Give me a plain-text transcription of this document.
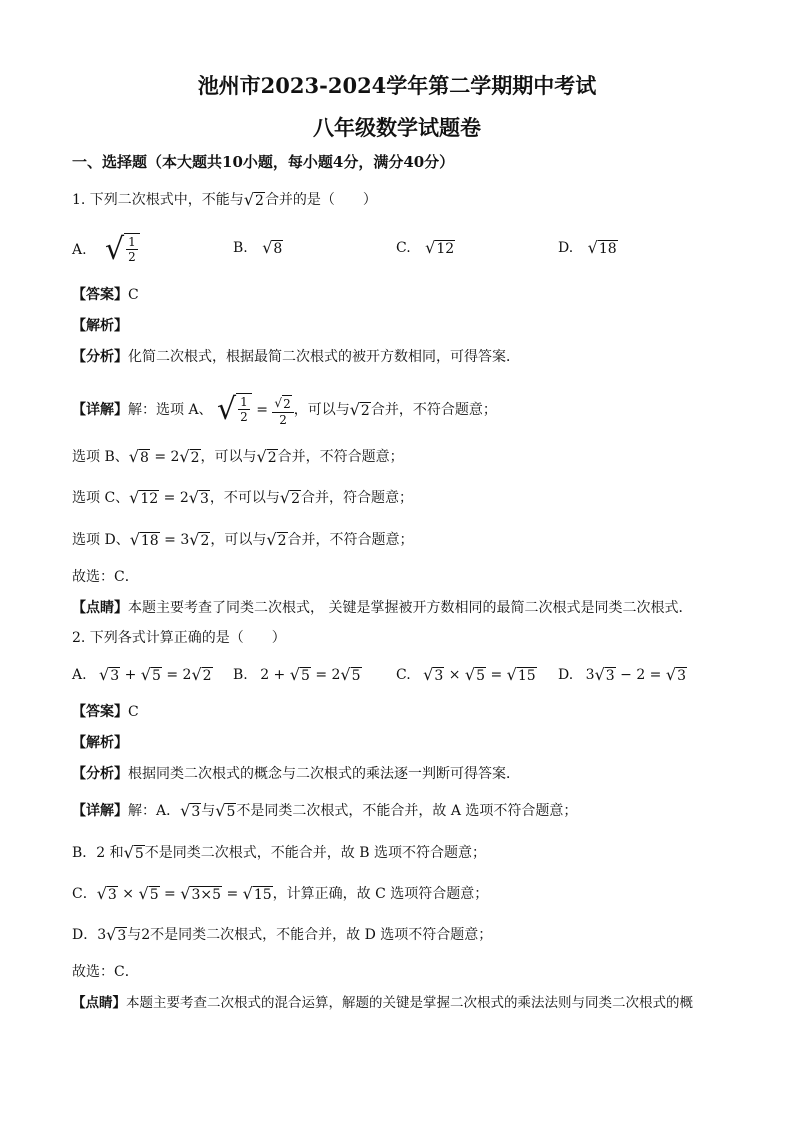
池州市2023-2024学年第二学期期中考试
八年级数学试题卷
一、选择题（本大题共10小题，每小题4分，满分40分）
1. 下列二次根式中，不能与 √ 2 合并的是（　　）
A. √ $\frac{1}{2}$	B. √ 8	C. √ 12	D. √ 18
【答案】C
【解析】
【分析】化简二次根式，根据最简二次根式的被开方数相同，可得答案．
【详解】解：选项 A、 √ $\frac{1}{2} = \frac{√ 2}{2}$ ，可以与 √ 2 合并，不符合题意；
选项 B、 √ 8 = 2 √ 2 ，可以与 √ 2 合并，不符合题意；
选项 C、 √ 12 = 2 √ 3 ，不可以与 √ 2 合并，符合题意；
选项 D、 √ 18 = 3 √ 2 ，可以与 √ 2 合并，不符合题意；
故选：C．
【点睛】本题主要考查了同类二次根式， 关键是掌握被开方数相同的最简二次根式是同类二次根式．
2. 下列各式计算正确的是（　　）
A. √ 3 + √ 5 = 2 √ 2 B. 2 + √ 5 = 2 √ 5	C. √ 3 × √ 5 = √ 15 D. 3 √ 3 − 2 = √ 3
【答案】C
【解析】
【分析】根据同类二次根式的概念与二次根式的乘法逐一判断可得答案．
【详解】解：A． √ 3 与 √ 5 不是同类二次根式，不能合并，故 A 选项不符合题意；
B．2 和 √ 5 不是同类二次根式，不能合并，故 B 选项不符合题意；
C． √ 3 × √ 5 = √ 3×5 = √ 15 ，计算正确，故 C 选项符合题意；
D．3 √ 3 与2不是同类二次根式，不能合并，故 D 选项不符合题意；
故选：C．
【点睛】本题主要考查二次根式的混合运算，解题的关键是掌握二次根式的乘法法则与同类二次根式的概
